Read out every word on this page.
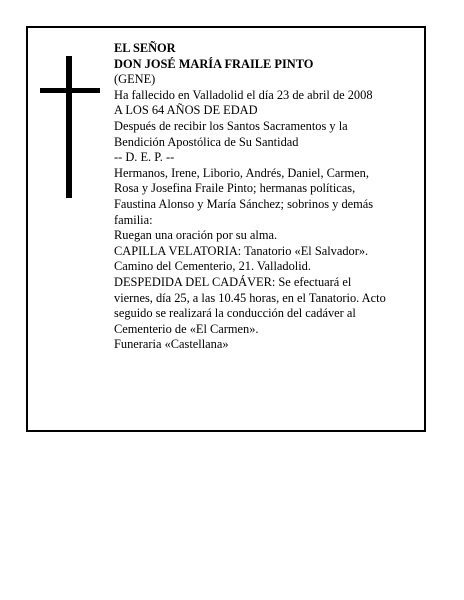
EL SEÑOR
DON JOSÉ MARÍA FRAILE PINTO
(GENE)
Ha fallecido en Valladolid el día 23 de abril de 2008
A LOS 64 AÑOS DE EDAD
Después de recibir los Santos Sacramentos y la
Bendición Apostólica de Su Santidad
-- D. E. P. --
Hermanos, Irene, Liborio, Andrés, Daniel, Carmen,
Rosa y Josefina Fraile Pinto; hermanas políticas,
Faustina Alonso y María Sánchez; sobrinos y demás
familia:
Ruegan una oración por su alma.
CAPILLA VELATORIA: Tanatorio «El Salvador».
Camino del Cementerio, 21. Valladolid.
DESPEDIDA DEL CADÁVER: Se efectuará el
viernes, día 25, a las 10.45 horas, en el Tanatorio. Acto
seguido se realizará la conducción del cadáver al
Cementerio de «El Carmen».
Funeraria «Castellana»
